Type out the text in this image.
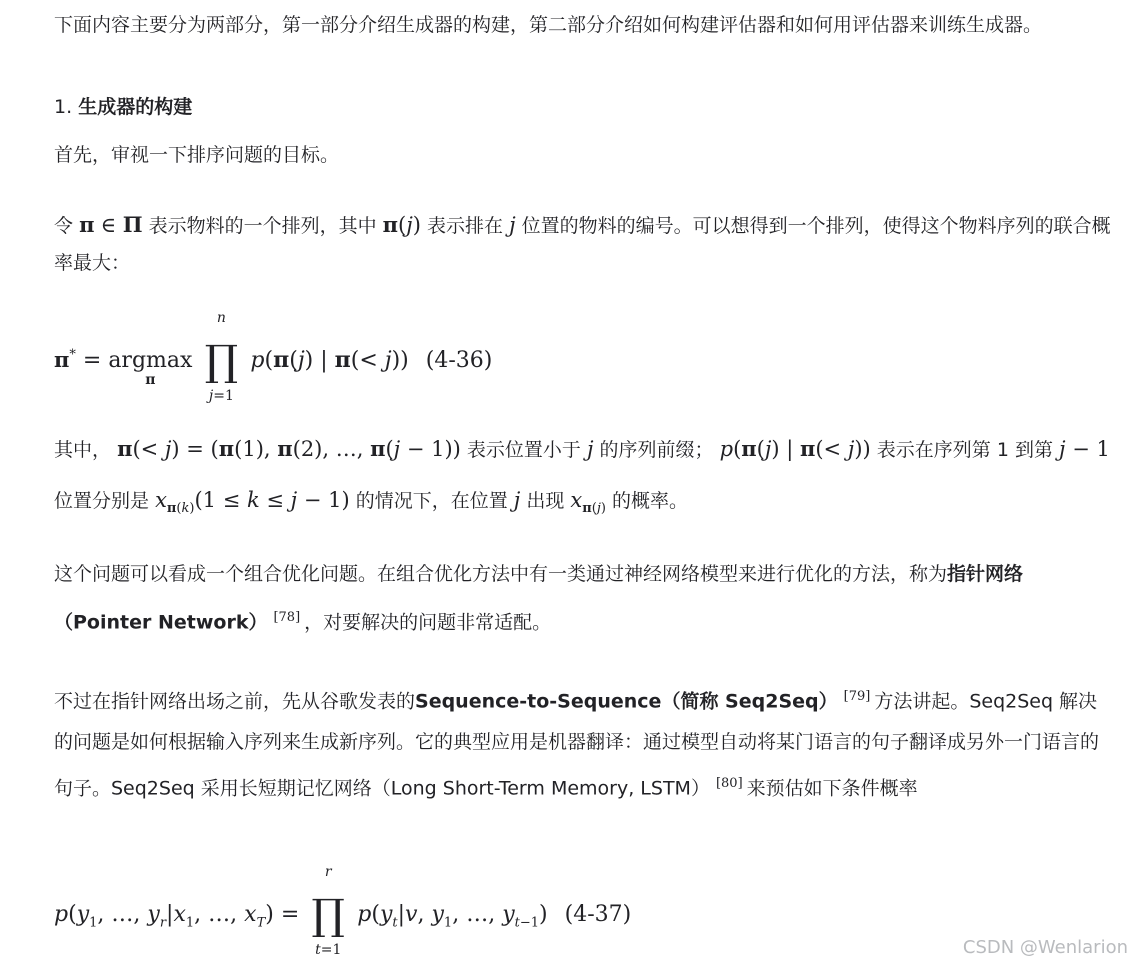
下面内容主要分为两部分，第一部分介绍生成器的构建，第二部分介绍如何构建评估器和如何用评估器来训练生成器。

1. 生成器的构建

首先，审视一下排序问题的目标。

令 π ∈ Π 表示物料的一个排列，其中 π(j) 表示排在 j 位置的物料的编号。可以想得到一个排列，使得这个物料序列的联合概率最大：

π* = argmax
π

n
∏
j=1
p(π(j) | π(< j)) (4-36)

其中， π(< j) = (π(1), π(2), …, π(j − 1)) 表示位置小于 j 的序列前缀； p(π(j) | π(< j)) 表示在序列第 1 到第 j − 1 位置分别是 $x_{\pi(k)}(1 \le k \le j - 1)$ 的情况下，在位置 j 出现 $x_{\pi(j)}$ 的概率。

这个问题可以看成一个组合优化问题。在组合优化方法中有一类通过神经网络模型来进行优化的方法，称为指针网络（Pointer Network） [78] ，对要解决的问题非常适配。

不过在指针网络出场之前，先从谷歌发表的Sequence-to-Sequence（简称 Seq2Seq） [79] 方法讲起。Seq2Seq 解决的问题是如何根据输入序列来生成新序列。它的典型应用是机器翻译：通过模型自动将某门语言的句子翻译成另外一门语言的句子。Seq2Seq 采用长短期记忆网络（Long Short-Term Memory, LSTM） [80] 来预估如下条件概率

$p(y_1$, …, $y_r|x_1$, …, $x_T$) =
r
∏
t=1
$p(y_t|v$, $y_1$, …, $y_{t-1}$) (4-37)
CSDN @Wenlarion
